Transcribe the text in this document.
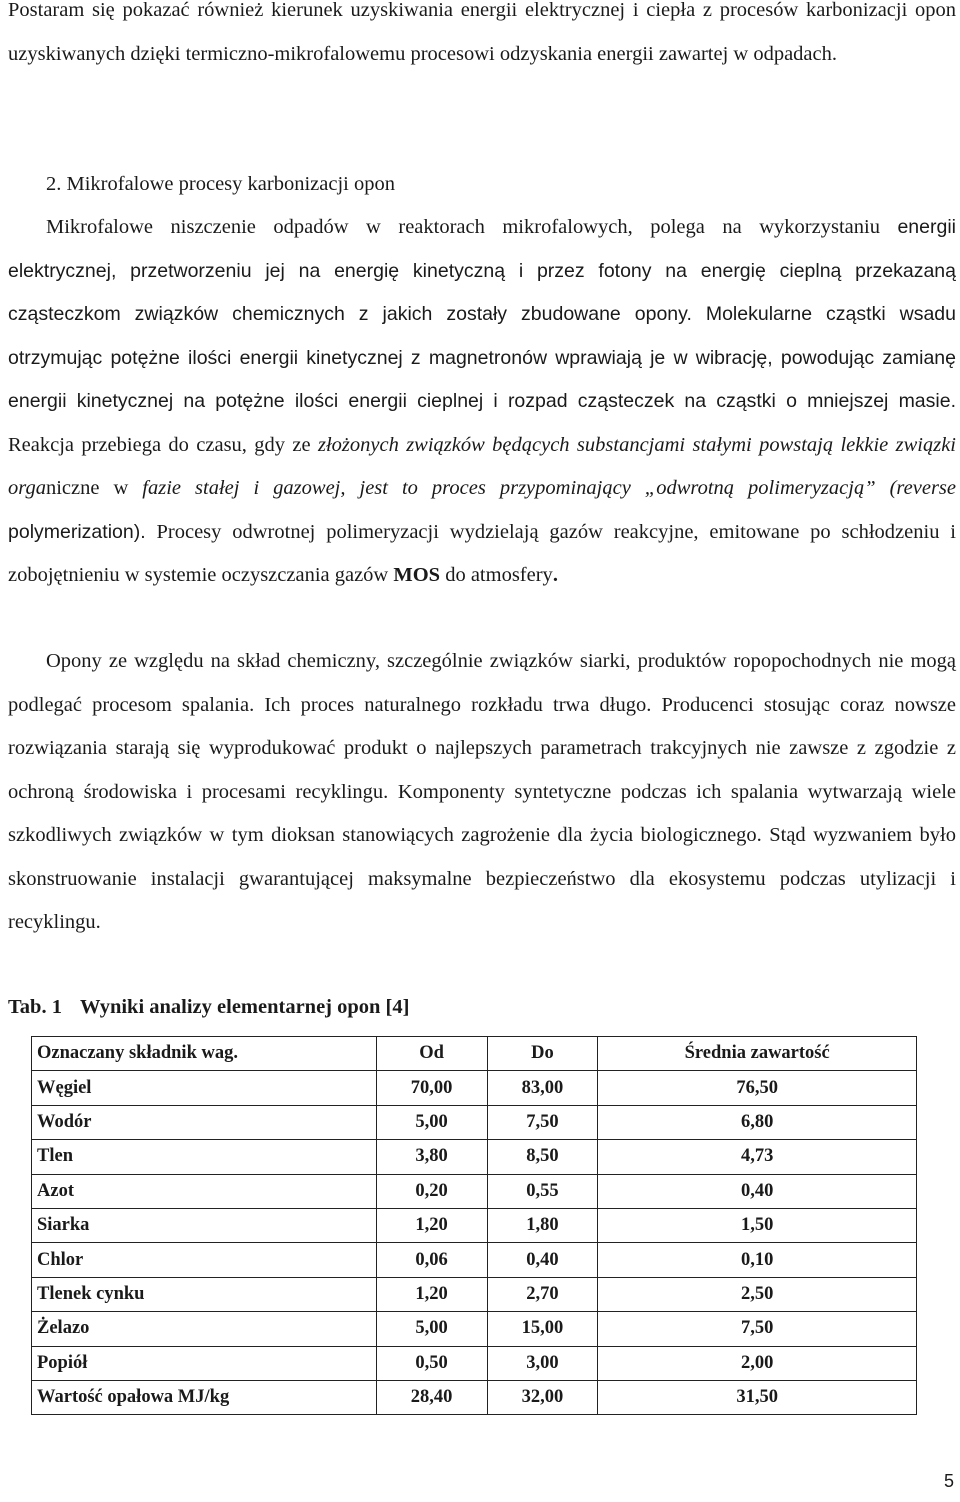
Postaram się pokazać również kierunek uzyskiwania energii elektrycznej i ciepła z procesów karbonizacji opon uzyskiwanych dzięki termiczno-mikrofalowemu procesowi odzyskania energii zawartej w odpadach.

2. Mikrofalowe procesy karbonizacji opon

Mikrofalowe niszczenie odpadów w reaktorach mikrofalowych, polega na wykorzystaniu energii elektrycznej, przetworzeniu jej na energię kinetyczną i przez fotony na energię cieplną przekazaną cząsteczkom związków chemicznych z jakich zostały zbudowane opony. Molekularne cząstki wsadu otrzymując potężne ilości energii kinetycznej z magnetronów wprawiają je w wibrację, powodując zamianę energii kinetycznej na potężne ilości energii cieplnej i rozpad cząsteczek na cząstki o mniejszej masie. Reakcja przebiega do czasu, gdy ze złożonych związków będących substancjami stałymi powstają lekkie związki organiczne w fazie stałej i gazowej, jest to proces przypominający „odwrotną polimeryzacją” (reverse polymerization). Procesy odwrotnej polimeryzacji wydzielają gazów reakcyjne, emitowane po schłodzeniu i zobojętnieniu w systemie oczyszczania gazów MOS do atmosfery.

Opony ze względu na skład chemiczny, szczególnie związków siarki, produktów ropopochodnych nie mogą podlegać procesom spalania. Ich proces naturalnego rozkładu trwa długo. Producenci stosując coraz nowsze rozwiązania starają się wyprodukować produkt o najlepszych parametrach trakcyjnych nie zawsze z zgodzie z ochroną środowiska i procesami recyklingu. Komponenty syntetyczne podczas ich spalania wytwarzają wiele szkodliwych związków w tym dioksan stanowiących zagrożenie dla życia biologicznego. Stąd wyzwaniem było skonstruowanie instalacji gwarantującej maksymalne bezpieczeństwo dla ekosystemu podczas utylizacji i recyklingu.

Tab. 1 Wyniki analizy elementarnej opon [4]
Oznaczany składnik wag.	Od	Do	Średnia zawartość
Węgiel	70,00	83,00	76,50
Wodór	5,00	7,50	6,80
Tlen	3,80	8,50	4,73
Azot	0,20	0,55	0,40
Siarka	1,20	1,80	1,50
Chlor	0,06	0,40	0,10
Tlenek cynku	1,20	2,70	2,50
Żelazo	5,00	15,00	7,50
Popiół	0,50	3,00	2,00
Wartość opałowa MJ/kg	28,40	32,00	31,50
5
